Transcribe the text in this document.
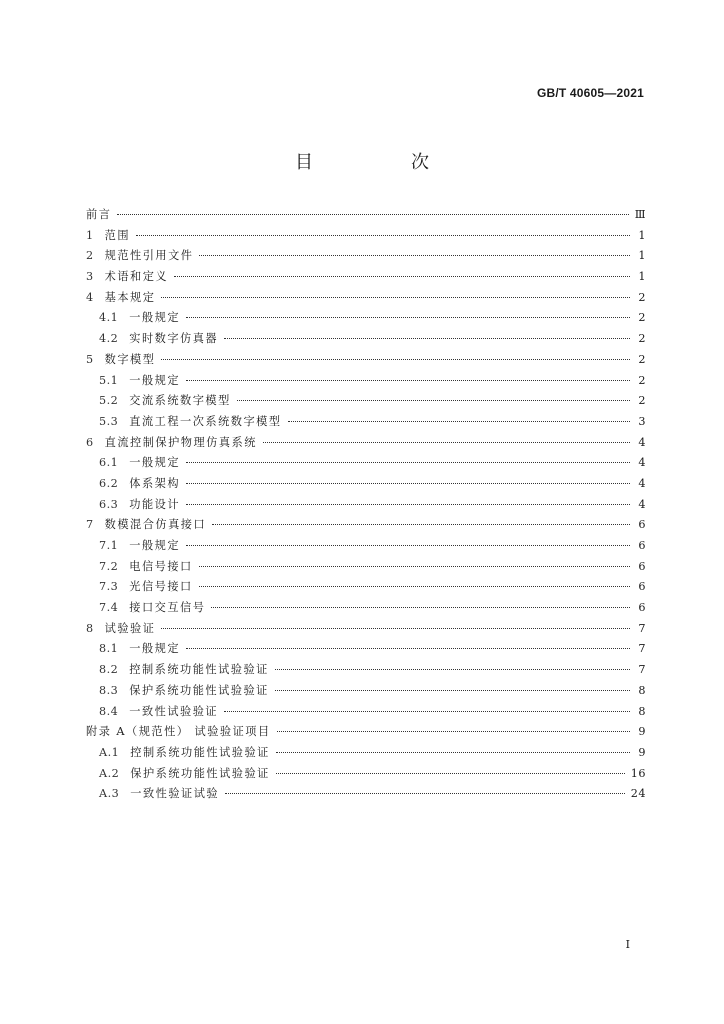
GB/T 40605—2021
目　次
前言	Ⅲ
1 范围	1
2 规范性引用文件	1
3 术语和定义	1
4 基本规定	2
4.1 一般规定	2
4.2 实时数字仿真器	2
5 数字模型	2
5.1 一般规定	2
5.2 交流系统数字模型	2
5.3 直流工程一次系统数字模型	3
6 直流控制保护物理仿真系统	4
6.1 一般规定	4
6.2 体系架构	4
6.3 功能设计	4
7 数模混合仿真接口	6
7.1 一般规定	6
7.2 电信号接口	6
7.3 光信号接口	6
7.4 接口交互信号	6
8 试验验证	7
8.1 一般规定	7
8.2 控制系统功能性试验验证	7
8.3 保护系统功能性试验验证	8
8.4 一致性试验验证	8
附录 A（规范性） 试验验证项目	9
A.1 控制系统功能性试验验证	9
A.2 保护系统功能性试验验证	16
A.3 一致性验证试验	24
I
